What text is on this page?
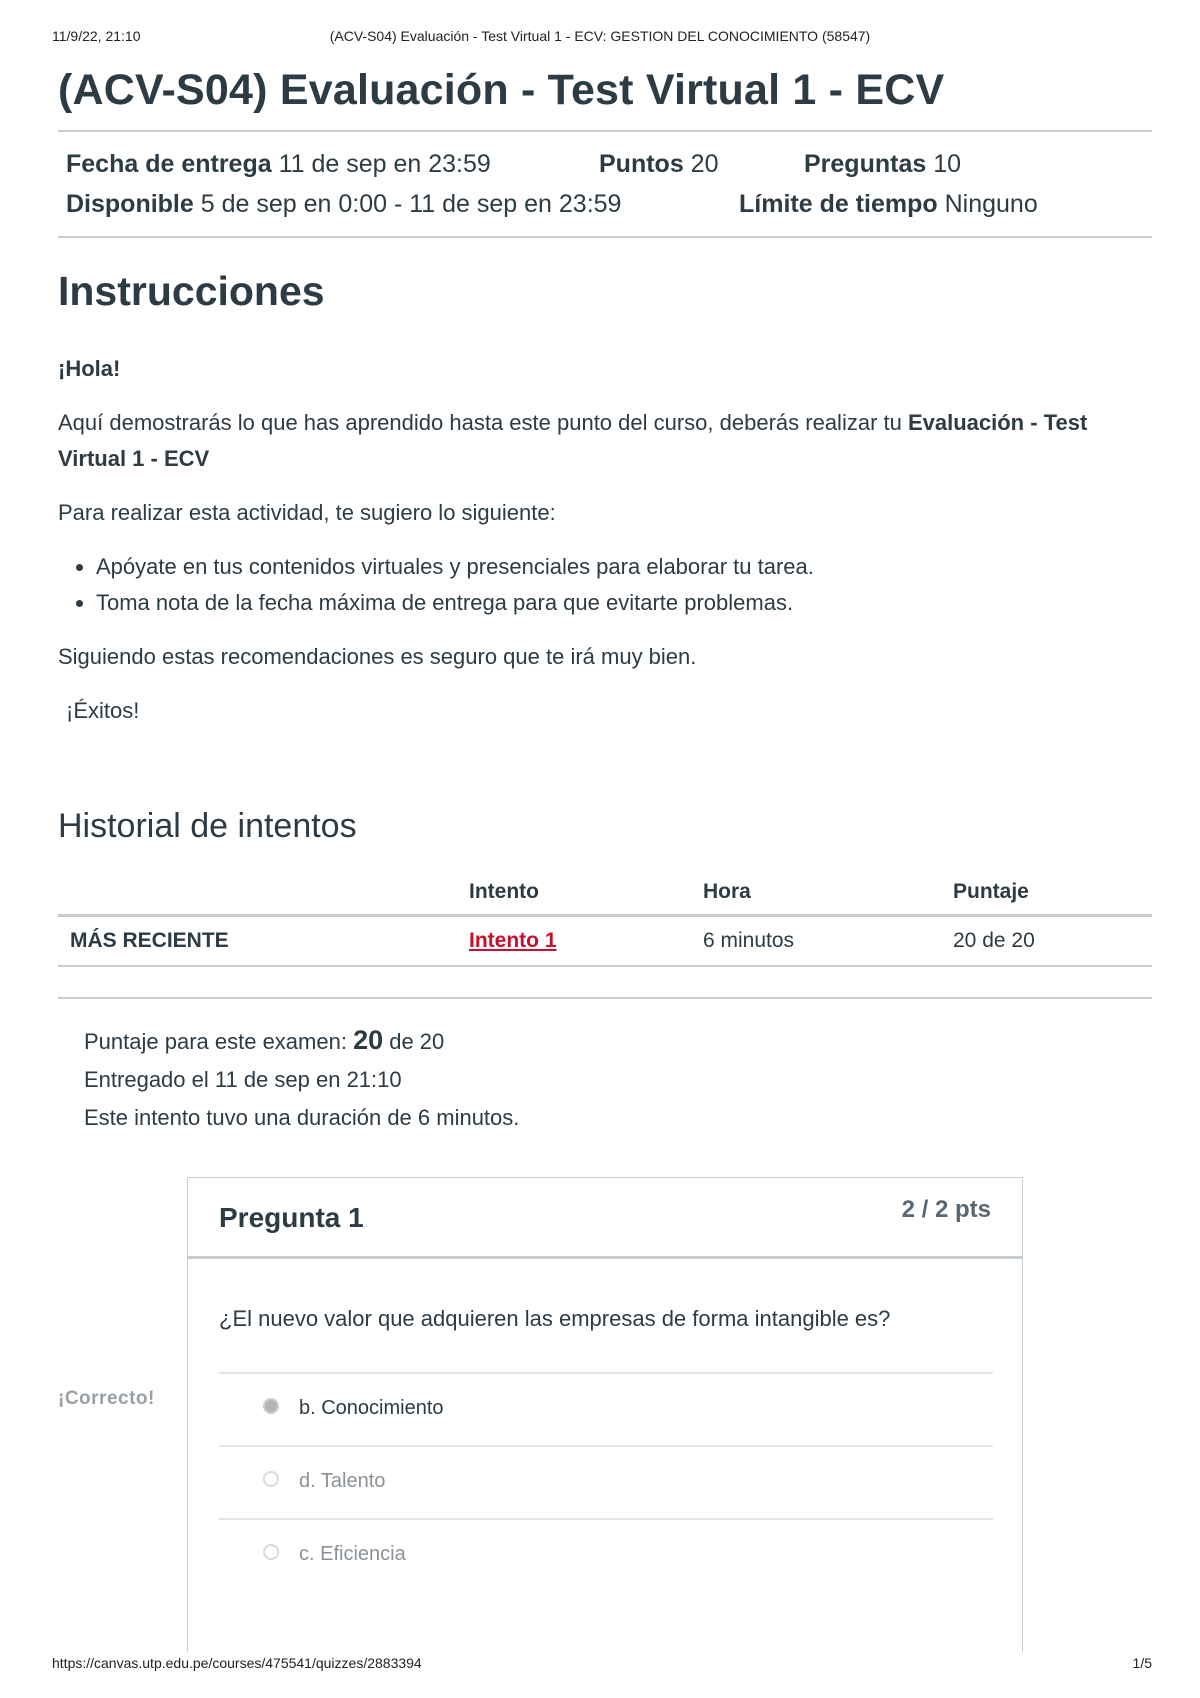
11/9/22, 21:10	(ACV-S04) Evaluación - Test Virtual 1 - ECV: GESTION DEL CONOCIMIENTO (58547)
(ACV-S04) Evaluación - Test Virtual 1 - ECV
Fecha de entrega 11 de sep en 23:59	Puntos 20	Preguntas 10
Disponible 5 de sep en 0:00 - 11 de sep en 23:59	Límite de tiempo Ninguno
Instrucciones

¡Hola!

Aquí demostrarás lo que has aprendido hasta este punto del curso, deberás realizar tu Evaluación - Test Virtual 1 - ECV

Para realizar esta actividad, te sugiero lo siguiente:

• Apóyate en tus contenidos virtuales y presenciales para elaborar tu tarea.
• Toma nota de la fecha máxima de entrega para que evitarte problemas.

Siguiendo estas recomendaciones es seguro que te irá muy bien.

¡Éxitos!

Historial de intentos
	Intento	Hora	Puntaje
MÁS RECIENTE	Intento 1	6 minutos	20 de 20
Puntaje para este examen: 20 de 20
Entregado el 11 de sep en 21:10
Este intento tuvo una duración de 6 minutos.
¡Correcto!
Pregunta 1	2 / 2 pts
¿El nuevo valor que adquieren las empresas de forma intangible es?
b. Conocimiento
d. Talento
c. Eficiencia
https://canvas.utp.edu.pe/courses/475541/quizzes/2883394	1/5
